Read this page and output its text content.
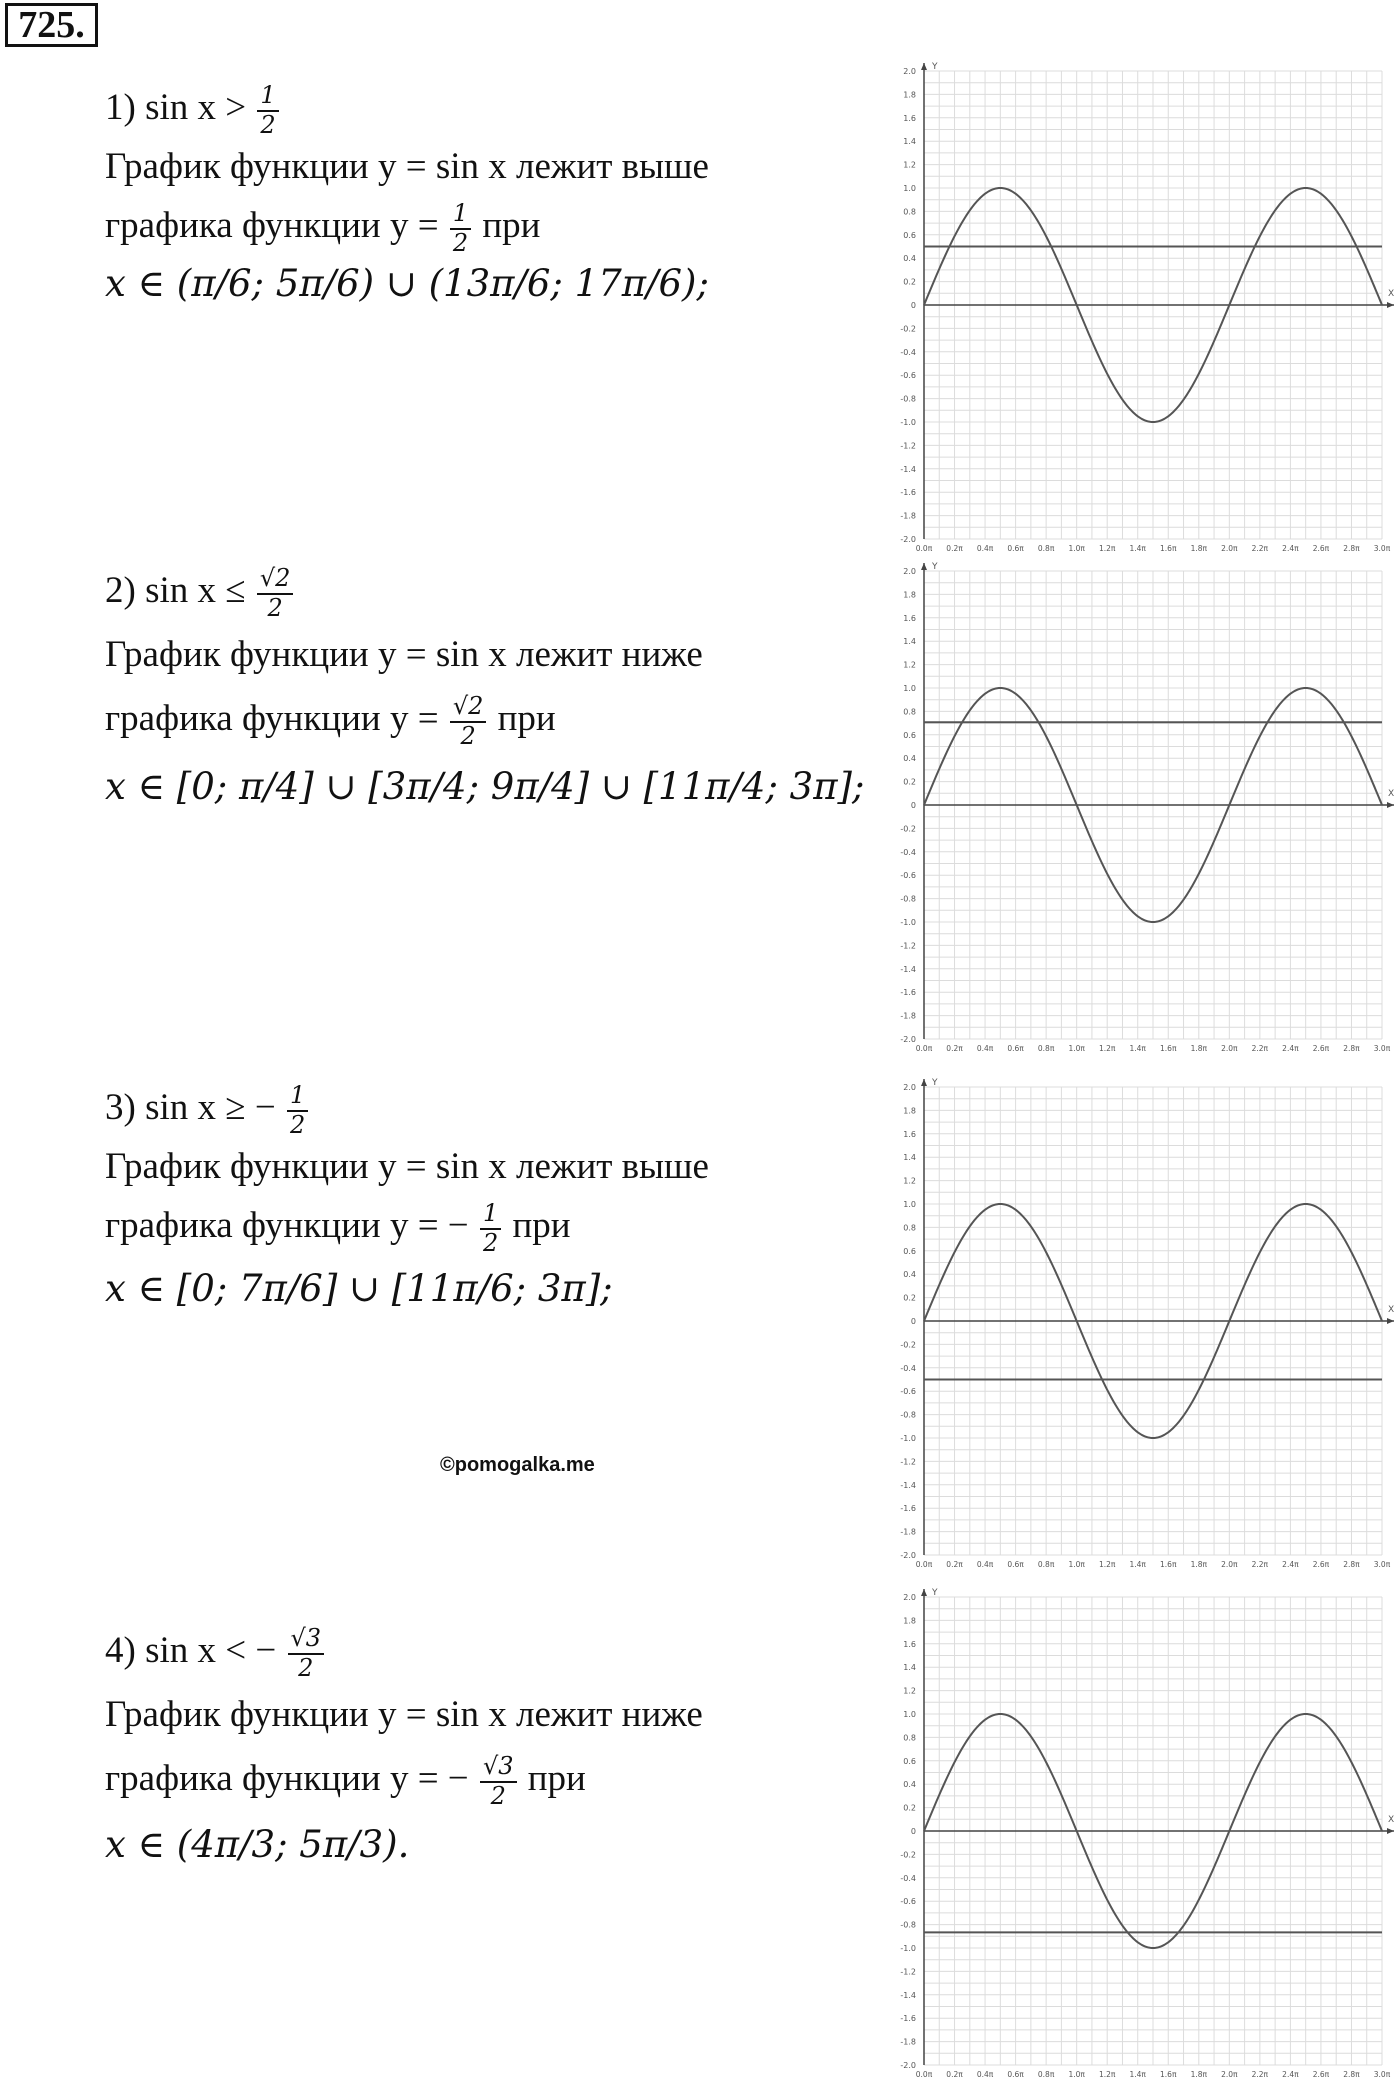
725.
1) $\sin x > \frac{1}{2}$
График функции y = sin x лежит выше
графика функции $y = \frac{1}{2}$ при
x ∈ (π/6; 5π/6) ∪ (13π/6; 17π/6);
2) $\sin x \le \frac{√2}{2}$
График функции y = sin x лежит ниже
графика функции $y = \frac{√2}{2}$ при
x ∈ [0; π/4] ∪ [3π/4; 9π/4] ∪ [11π/4; 3π];
3) sin x ≥ − $\frac{1}{2}$
График функции y = sin x лежит выше
графика функции y = − $\frac{1}{2}$ при
x ∈ [0; 7π/6] ∪ [11π/6; 3π];
©pomogalka.me
4) sin x < − $\frac{√3}{2}$
График функции y = sin x лежит ниже
графика функции y = − $\frac{√3}{2}$ при
x ∈ (4π/3; 5π/3).
X
Y
2.0
1.8
1.6
1.4
1.2
1.0
0.8
0.6
0.4
0.2
0
-0.2
-0.4
-0.6
-0.8
-1.0
-1.2
-1.4
-1.6
-1.8
-2.0
0.0π 0.2π 0.4π 0.6π 0.8π 1.0π 1.2π 1.4π 1.6π 1.8π 2.0π 2.2π 2.4π 2.6π 2.8π 3.0π
X
Y
2.0
1.8
1.6
1.4
1.2
1.0
0.8
0.6
0.4
0.2
0
-0.2
-0.4
-0.6
-0.8
-1.0
-1.2
-1.4
-1.6
-1.8
-2.0
0.0π 0.2π 0.4π 0.6π 0.8π 1.0π 1.2π 1.4π 1.6π 1.8π 2.0π 2.2π 2.4π 2.6π 2.8π 3.0π
X
Y
2.0
1.8
1.6
1.4
1.2
1.0
0.8
0.6
0.4
0.2
0
-0.2
-0.4
-0.6
-0.8
-1.0
-1.2
-1.4
-1.6
-1.8
-2.0
0.0π 0.2π 0.4π 0.6π 0.8π 1.0π 1.2π 1.4π 1.6π 1.8π 2.0π 2.2π 2.4π 2.6π 2.8π 3.0π
X
Y
2.0
1.8
1.6
1.4
1.2
1.0
0.8
0.6
0.4
0.2
0
-0.2
-0.4
-0.6
-0.8
-1.0
-1.2
-1.4
-1.6
-1.8
-2.0
0.0π 0.2π 0.4π 0.6π 0.8π 1.0π 1.2π 1.4π 1.6π 1.8π 2.0π 2.2π 2.4π 2.6π 2.8π 3.0π
